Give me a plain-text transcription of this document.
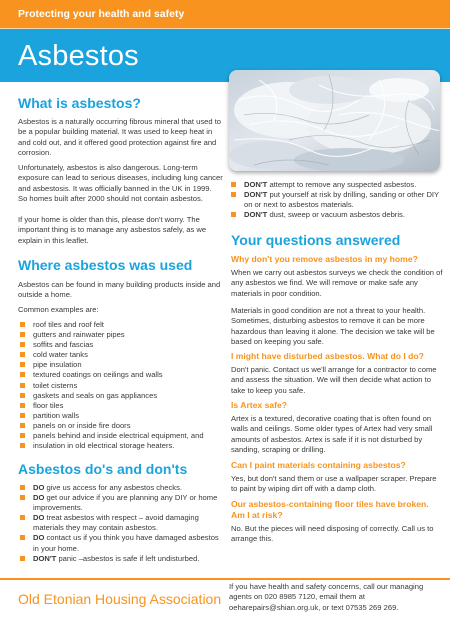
Protecting your health and safety
Asbestos
What is asbestos?

Asbestos is a naturally occurring fibrous mineral that used to be a popular building material. It was used to keep heat in and cold out, and it offered good protection against fire and corrosion.

Unfortunately, asbestos is also dangerous. Long-term exposure can lead to serious diseases, including lung cancer and asbestosis. It was officially banned in the UK in 1999. So homes built after 2000 should not contain asbestos.

If your home is older than this, please don't worry. The important thing is to manage any asbestos safely, as we explain in this leaflet.

Where asbestos was used

Asbestos can be found in many building products inside and outside a home.

Common examples are:

roof tiles and roof felt
gutters and rainwater pipes
soffits and fascias
cold water tanks
pipe insulation
textured coatings on ceilings and walls
toilet cisterns
gaskets and seals on gas appliances
floor tiles
partition walls
panels on or inside fire doors
panels behind and inside electrical equipment, and
insulation in old electrical storage heaters.
Asbestos do's and don'ts
DO give us access for any asbestos checks.
DO get our advice if you are planning any DIY or home improvements.
DO treat asbestos with respect – avoid damaging materials they may contain asbestos.
DO contact us if you think you have damaged asbestos in your home.
DON'T panic –asbestos is safe if left undisturbed.
DON'T attempt to remove any suspected asbestos.
DON'T put yourself at risk by drilling, sanding or other DIY on or next to asbestos materials.
DON'T dust, sweep or vacuum asbestos debris.
Your questions answered
Why don't you remove asbestos in my home?

When we carry out asbestos surveys we check the condition of any asbestos we find. We will remove or make safe any materials in poor condition.

Materials in good condition are not a threat to your health. Sometimes, disturbing asbestos to remove it can be more hazardous than leaving it alone. The decision we take will be based on keeping you safe.

I might have disturbed asbestos. What do I do?

Don't panic. Contact us we'll arrange for a contractor to come and assess the situation. We will then decide what action to take to keep you safe.

Is Artex safe?

Artex is a textured, decorative coating that is often found on walls and ceilings. Some older types of Artex had very small amounts of asbestos. Artex is safe if it is not disturbed by sanding, scraping or drilling.

Can I paint materials containing asbestos?

Yes, but don't sand them or use a wallpaper scraper. Prepare to paint by wiping dirt off with a damp cloth.

Our asbestos-containing floor tiles have broken. Am I at risk?

No. But the pieces will need disposing of correctly. Call us to arrange this.

Old Etonian Housing Association

If you have health and safety concerns, call our managing agents on 020 8985 7120, email them at oeharepairs@shian.org.uk, or text 07535 269 269.
